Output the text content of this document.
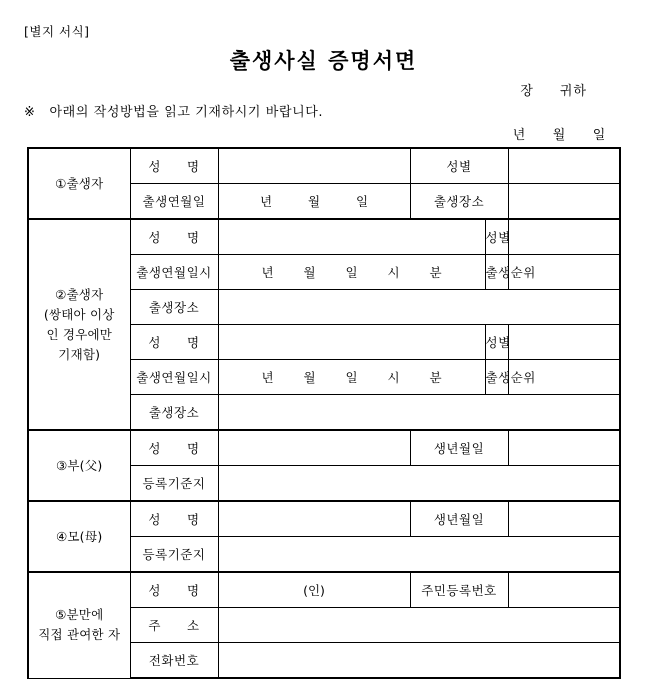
[별지 서식]
출생사실 증명서면
장 귀하
※ 아래의 작성방법을 읽고 기재하시기 바랍니다.
년 월 일
①출생자	성 명		성별		
	출생연월일	년 월 일	출생장소		

②출생자
(쌍태아 이상
인 경우에만
기재함)	성 명			성별	
	출생연월일시	년 월 일 시 분		출생순위	
	출생장소				
	성 명			성별	
	출생연월일시	년 월 일 시 분		출생순위	
	출생장소				

③부(父)	성 명		생년월일		
	등록기준지				

④모(母)	성 명		생년월일		
	등록기준지				

⑤분만에
직접 관여한 자	성 명	(인)	주민등록번호		
	주 소				
	전화번호				
